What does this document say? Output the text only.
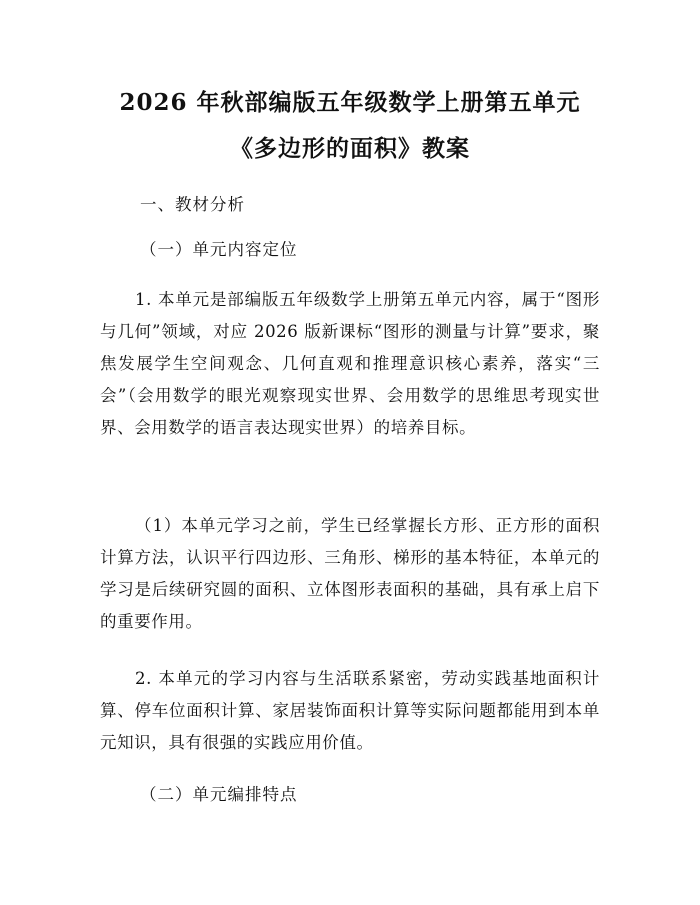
2026 年秋部编版五年级数学上册第五单元
《多边形的面积》教案
一、教材分析
（一）单元内容定位
1. 本单元是部编版五年级数学上册第五单元内容，属于“图形与几何”领域，对应 2026 版新课标“图形的测量与计算”要求，聚焦发展学生空间观念、几何直观和推理意识核心素养，落实“三会”（会用数学的眼光观察现实世界、会用数学的思维思考现实世界、会用数学的语言表达现实世界）的培养目标。
（1）本单元学习之前，学生已经掌握长方形、正方形的面积计算方法，认识平行四边形、三角形、梯形的基本特征，本单元的学习是后续研究圆的面积、立体图形表面积的基础，具有承上启下的重要作用。
2. 本单元的学习内容与生活联系紧密，劳动实践基地面积计算、停车位面积计算、家居装饰面积计算等实际问题都能用到本单元知识，具有很强的实践应用价值。
（二）单元编排特点
